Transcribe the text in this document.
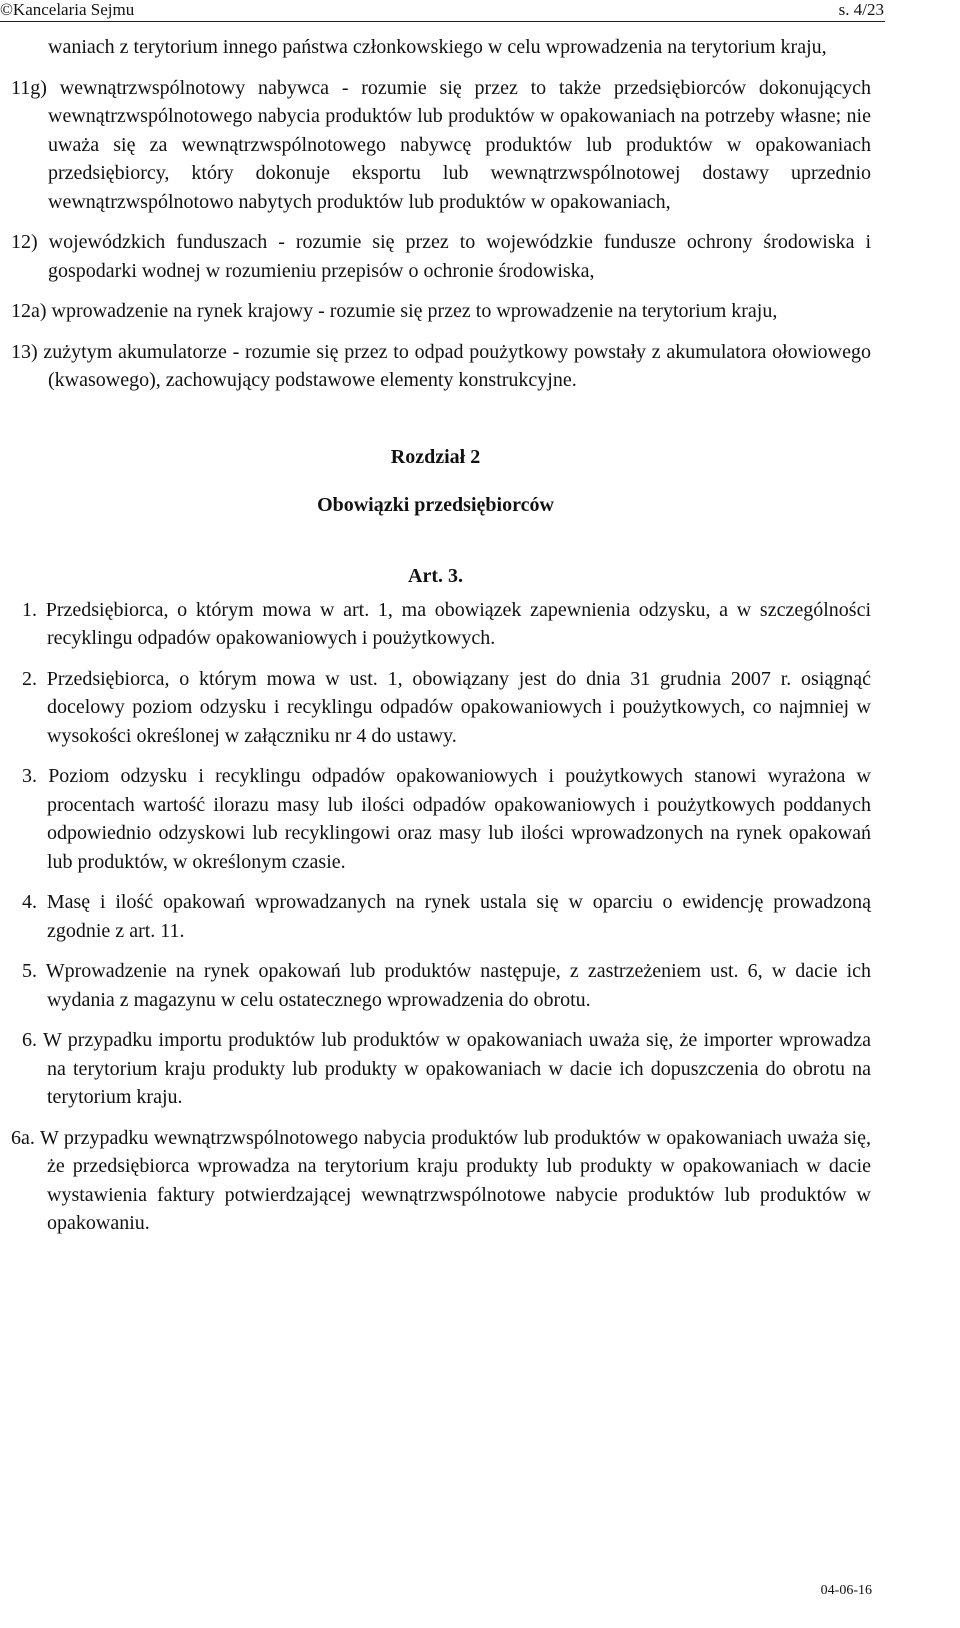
©Kancelaria Sejmu	s. 4/23

waniach z terytorium innego państwa członkowskiego w celu wprowadzenia na terytorium kraju,

11g) wewnątrzwspólnotowy nabywca - rozumie się przez to także przedsiębiorców dokonujących wewnątrzwspólnotowego nabycia produktów lub produktów w opakowaniach na potrzeby własne; nie uważa się za wewnątrzwspólnotowego nabywcę produktów lub produktów w opakowaniach przedsiębiorcy, który dokonuje eksportu lub wewnątrzwspólnotowej dostawy uprzednio wewnątrzwspólnotowo nabytych produktów lub produktów w opakowaniach,

12) wojewódzkich funduszach - rozumie się przez to wojewódzkie fundusze ochrony środowiska i gospodarki wodnej w rozumieniu przepisów o ochronie środowiska,

12a) wprowadzenie na rynek krajowy - rozumie się przez to wprowadzenie na terytorium kraju,

13) zużytym akumulatorze - rozumie się przez to odpad poużytkowy powstały z akumulatora ołowiowego (kwasowego), zachowujący podstawowe elementy konstrukcyjne.

Rozdział 2
Obowiązki przedsiębiorców
Art. 3.

1. Przedsiębiorca, o którym mowa w art. 1, ma obowiązek zapewnienia odzysku, a w szczególności recyklingu odpadów opakowaniowych i poużytkowych.

2. Przedsiębiorca, o którym mowa w ust. 1, obowiązany jest do dnia 31 grudnia 2007 r. osiągnąć docelowy poziom odzysku i recyklingu odpadów opakowaniowych i poużytkowych, co najmniej w wysokości określonej w załączniku nr 4 do ustawy.

3. Poziom odzysku i recyklingu odpadów opakowaniowych i poużytkowych stanowi wyrażona w procentach wartość ilorazu masy lub ilości odpadów opakowaniowych i poużytkowych poddanych odpowiednio odzyskowi lub recyklingowi oraz masy lub ilości wprowadzonych na rynek opakowań lub produktów, w określonym czasie.

4. Masę i ilość opakowań wprowadzanych na rynek ustala się w oparciu o ewidencję prowadzoną zgodnie z art. 11.

5. Wprowadzenie na rynek opakowań lub produktów następuje, z zastrzeżeniem ust. 6, w dacie ich wydania z magazynu w celu ostatecznego wprowadzenia do obrotu.

6. W przypadku importu produktów lub produktów w opakowaniach uważa się, że importer wprowadza na terytorium kraju produkty lub produkty w opakowaniach w dacie ich dopuszczenia do obrotu na terytorium kraju.

6a. W przypadku wewnątrzwspólnotowego nabycia produktów lub produktów w opakowaniach uważa się, że przedsiębiorca wprowadza na terytorium kraju produkty lub produkty w opakowaniach w dacie wystawienia faktury potwierdzającej wewnątrzwspólnotowe nabycie produktów lub produktów w opakowaniu.

04-06-16
